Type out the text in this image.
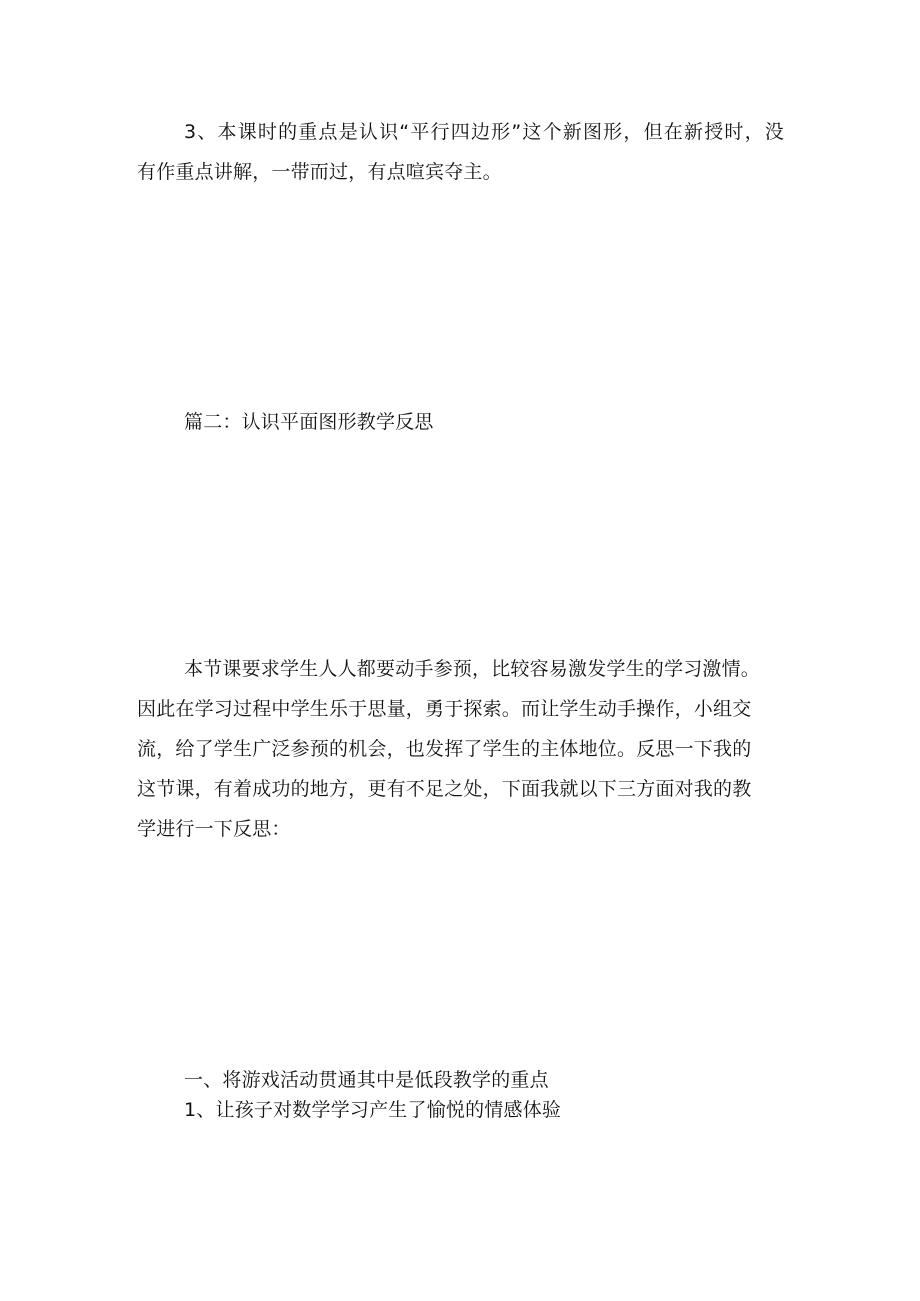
3、本课时的重点是认识“平行四边形”这个新图形，但在新授时，没

有作重点讲解，一带而过，有点喧宾夺主。

篇二：认识平面图形教学反思

本节课要求学生人人都要动手参预，比较容易激发学生的学习激情。

因此在学习过程中学生乐于思量，勇于探索。而让学生动手操作，小组交

流，给了学生广泛参预的机会，也发挥了学生的主体地位。反思一下我的

这节课，有着成功的地方，更有不足之处，下面我就以下三方面对我的教

学进行一下反思：

一、将游戏活动贯通其中是低段教学的重点

1、让孩子对数学学习产生了愉悦的情感体验
